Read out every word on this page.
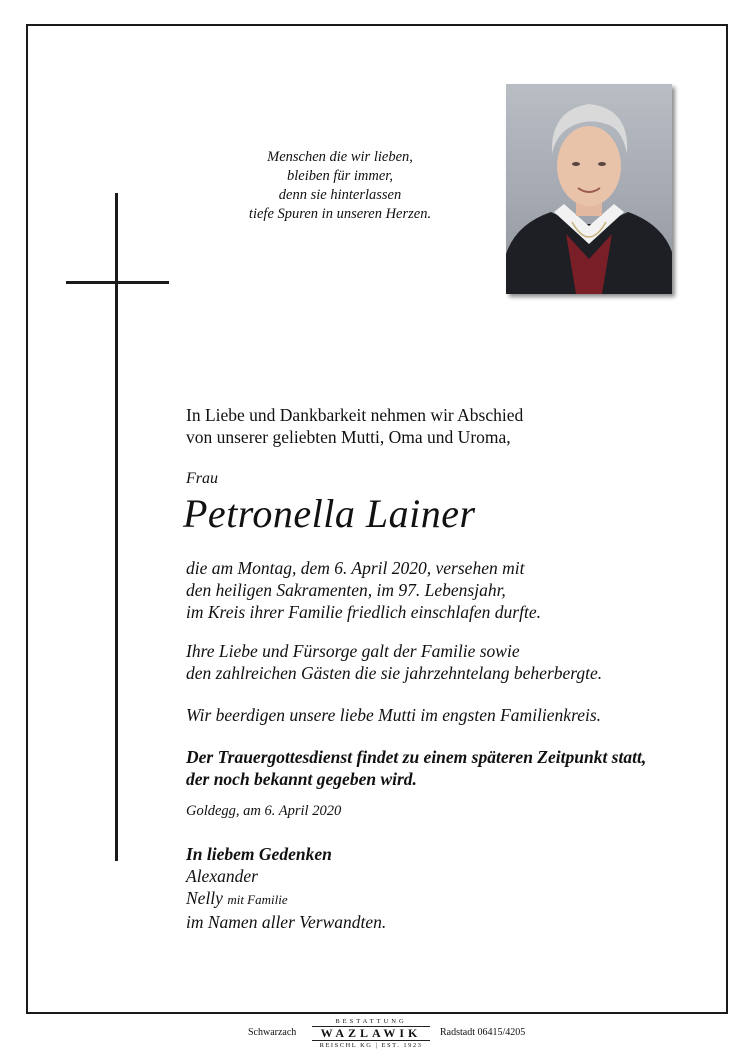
Menschen die wir lieben,
bleiben für immer,
denn sie hinterlassen
tiefe Spuren in unseren Herzen.
In Liebe und Dankbarkeit nehmen wir Abschied
von unserer geliebten Mutti, Oma und Uroma,
Frau
Petronella Lainer
die am Montag, dem 6. April 2020, versehen mit
den heiligen Sakramenten, im 97. Lebensjahr,
im Kreis ihrer Familie friedlich einschlafen durfte.
Ihre Liebe und Fürsorge galt der Familie sowie
den zahlreichen Gästen die sie jahrzehntelang beherbergte.
Wir beerdigen unsere liebe Mutti im engsten Familienkreis.
Der Trauergottesdienst findet zu einem späteren Zeitpunkt statt,
der noch bekannt gegeben wird.
Goldegg, am 6. April 2020
In liebem Gedenken
Alexander
Nelly mit Familie
im Namen aller Verwandten.
Schwarzach
BESTATTUNG
WAZLAWIK
REISCHL KG | EST. 1923
Radstadt 06415/4205
